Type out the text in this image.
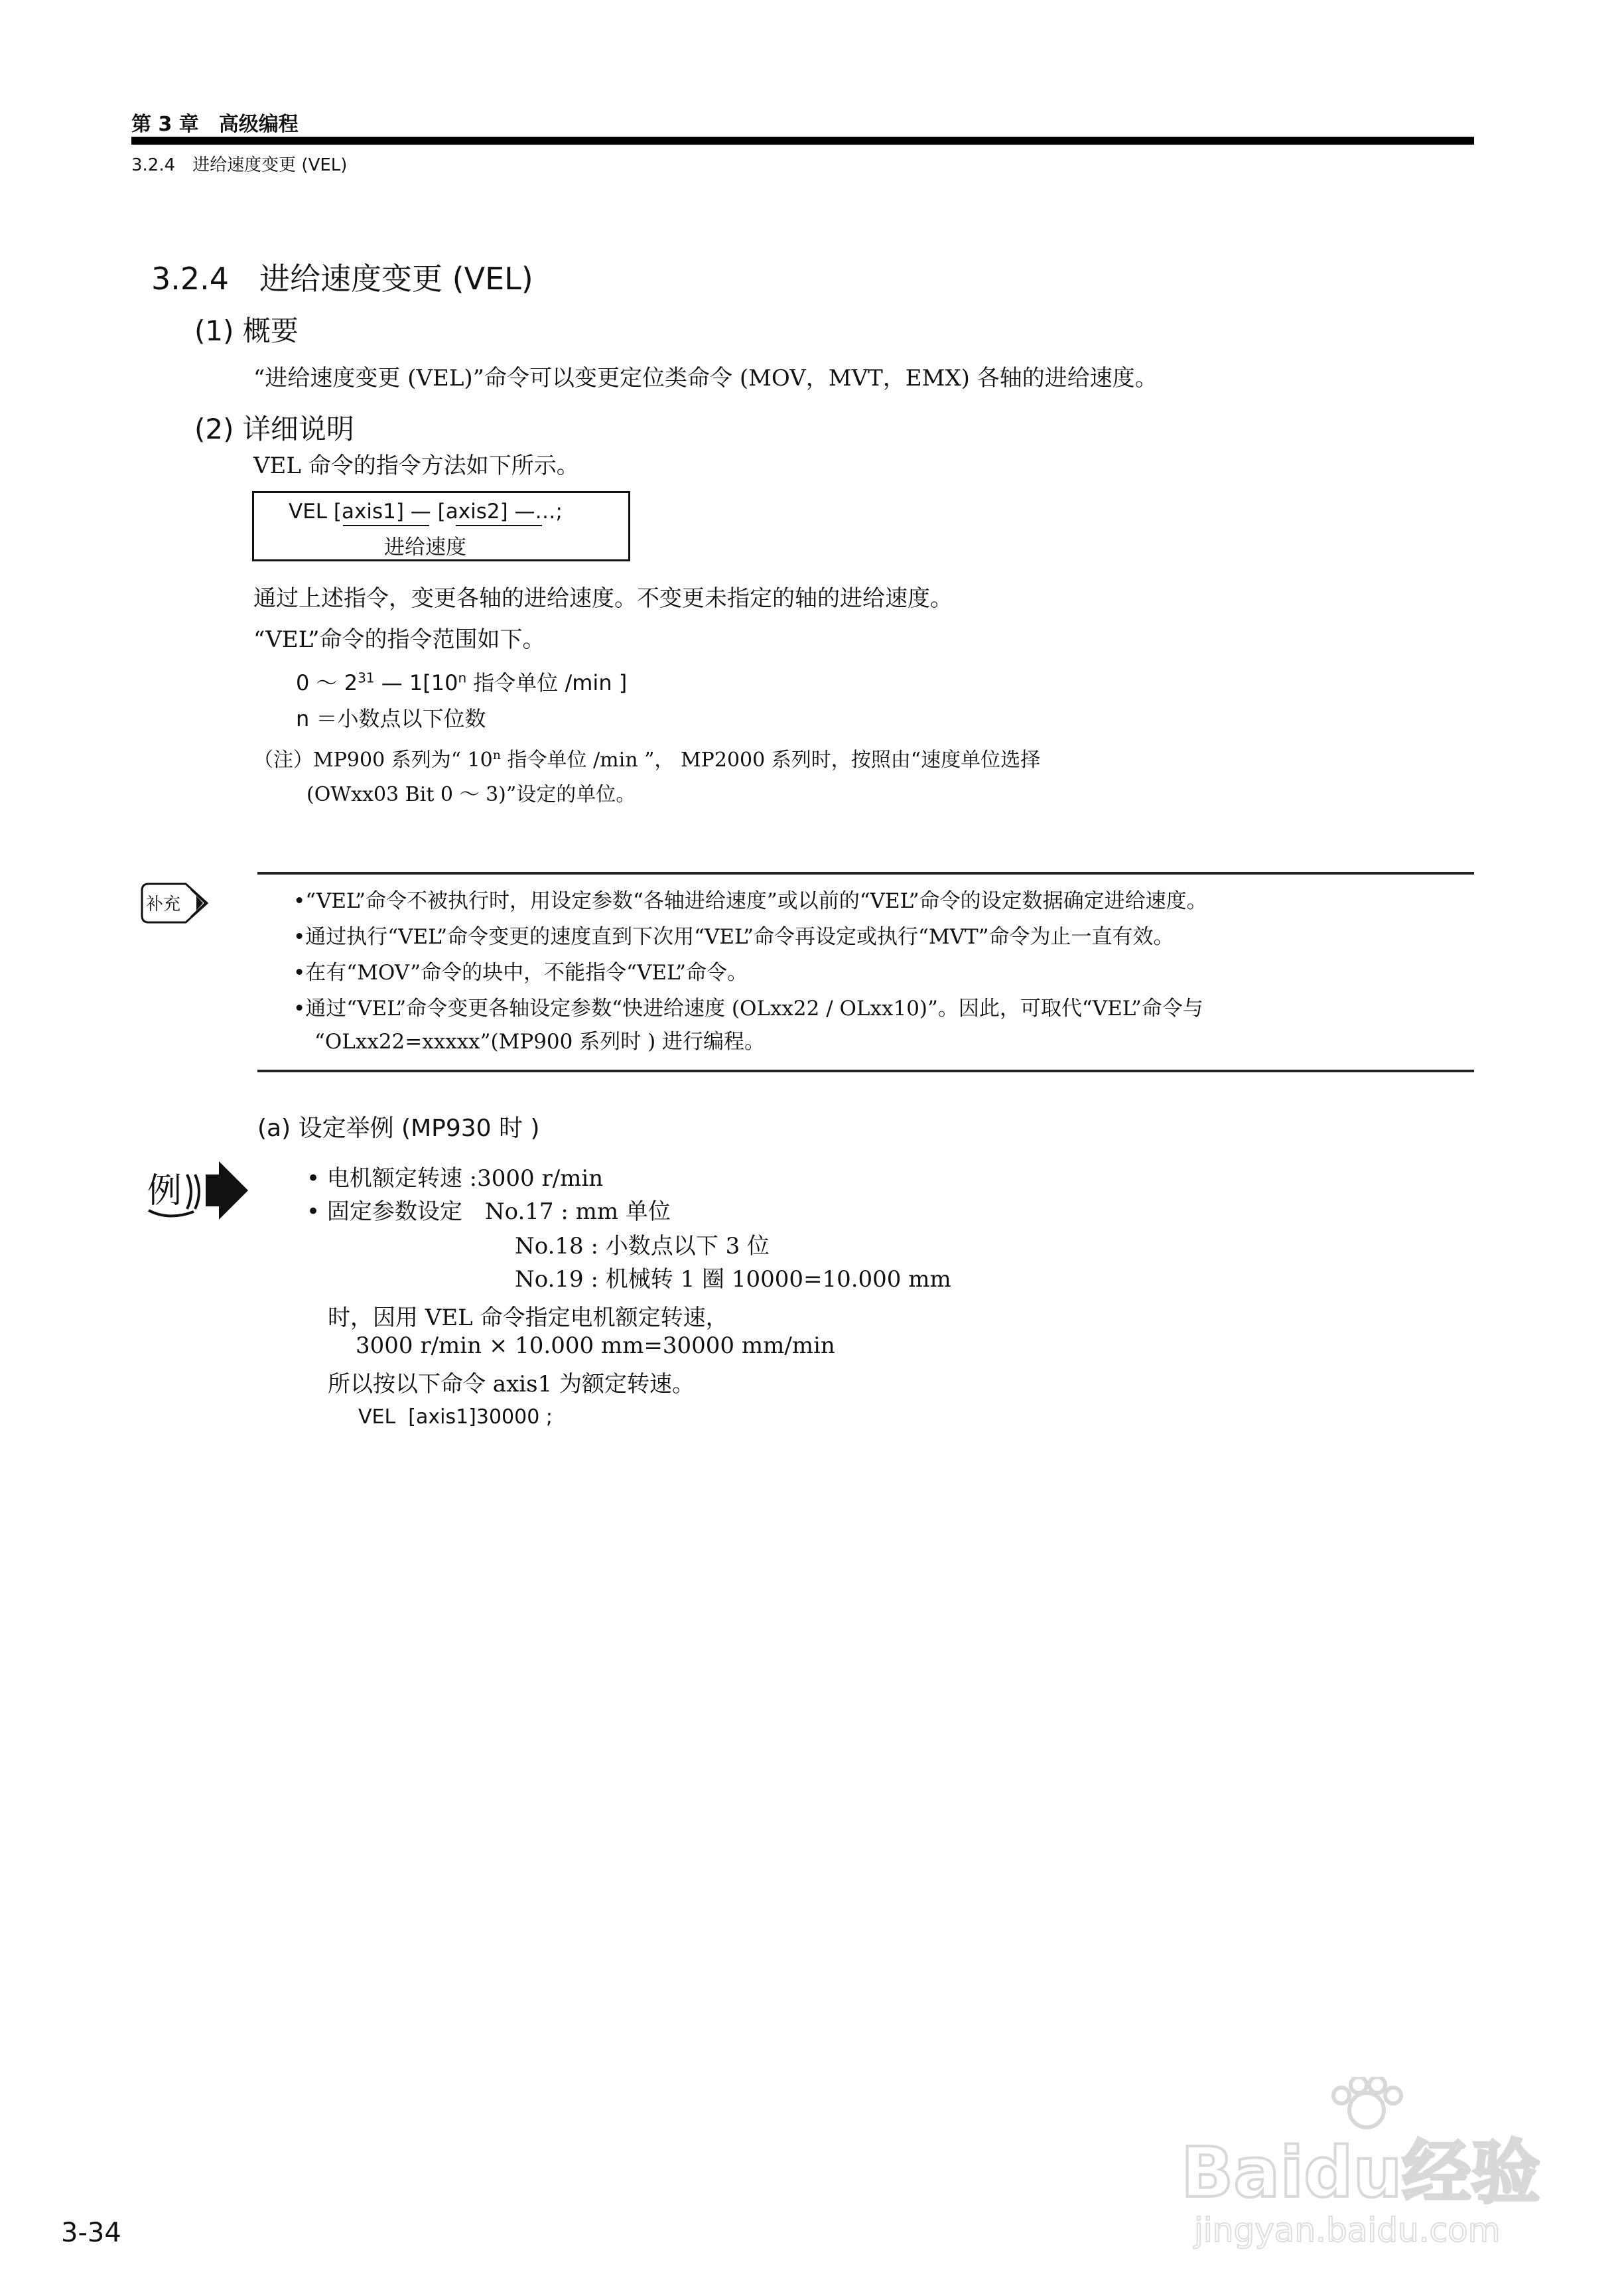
第 3 章　高级编程
3.2.4　进给速度变更 (VEL)
3.2.4　进给速度变更 (VEL)
(1) 概要
“进给速度变更 (VEL)”命令可以变更定位类命令 (MOV，MVT，EMX) 各轴的进给速度。
(2) 详细说明
VEL 命令的指令方法如下所示。
VEL [axis1] — [axis2] —…;
进给速度
通过上述指令，变更各轴的进给速度。不变更未指定的轴的进给速度。
“VEL”命令的指令范围如下。
0 ～ $2^{31}$ — 1[10$^n$ 指令单位 /min ]
n ＝小数点以下位数
（注）MP900 系列为“ 10$^n$ 指令单位 /min ”， MP2000 系列时，按照由“速度单位选择
(OWxx03 Bit 0 ～ 3)”设定的单位。
补充	•“VEL”命令不被执行时，用设定参数“各轴进给速度”或以前的“VEL”命令的设定数据确定进给速度。
•通过执行“VEL”命令变更的速度直到下次用“VEL”命令再设定或执行“MVT”命令为止一直有效。
•在有“MOV”命令的块中，不能指令“VEL”命令。
•通过“VEL”命令变更各轴设定参数“快进给速度 (OLxx22 / OLxx10)”。因此，可取代“VEL”命令与
“OLxx22=xxxxx”(MP900 系列时 ) 进行编程。
(a) 设定举例 (MP930 时 )
例	• 电机额定转速 :3000 r/min
• 固定参数设定　No.17 : mm 单位
No.18 : 小数点以下 3 位
No.19 : 机械转 1 圈 10000=10.000 mm
时，因用 VEL 命令指定电机额定转速，
3000 r/min × 10.000 mm=30000 mm/min
所以按以下命令 axis1 为额定转速。
VEL  [axis1]30000 ;
3-34
Baidu经验
jingyan.baidu.com
